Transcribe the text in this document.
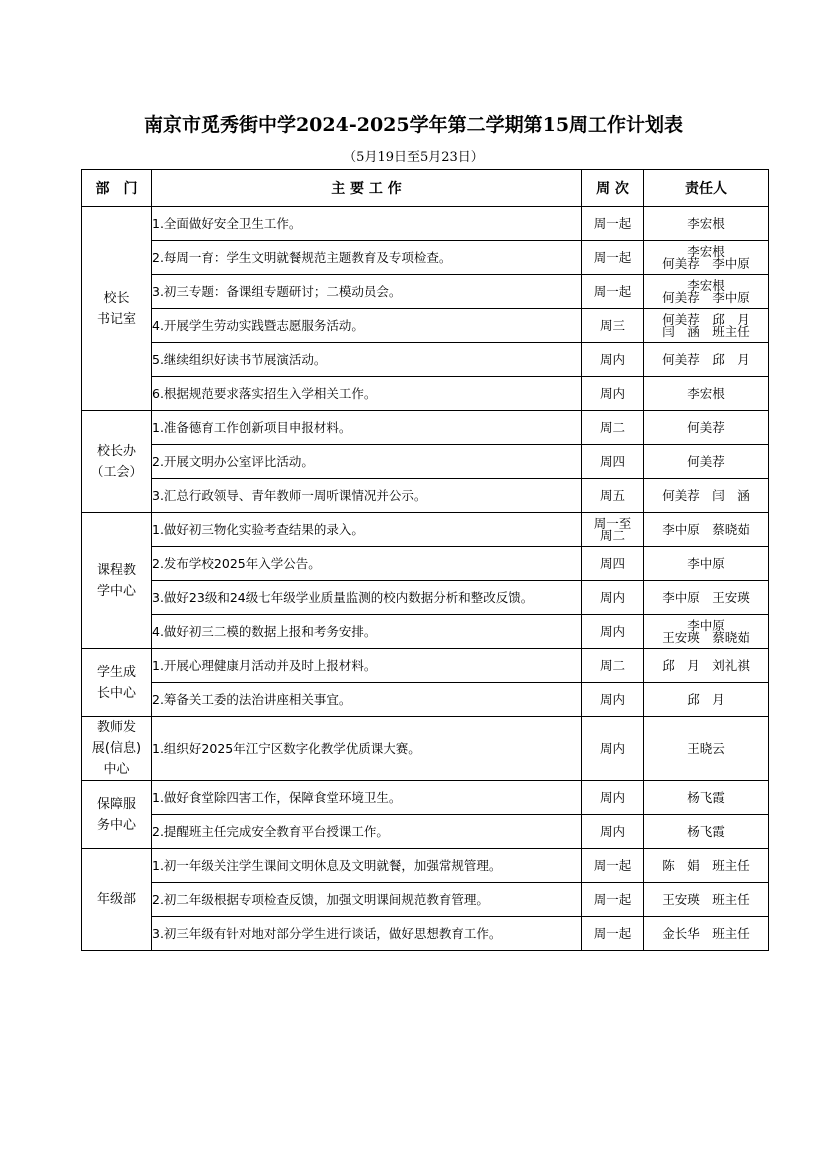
南京市觅秀街中学2024-2025学年第二学期第15周工作计划表
（5月19日至5月23日）
部　门	主 要 工 作	周 次	责任人

校长
书记室	1.全面做好安全卫生工作。	周一起	李宏根

	2.每周一育：学生文明就餐规范主题教育及专项检查。	周一起	李宏根
何美荐　李中原

	3.初三专题：备课组专题研讨；二模动员会。	周一起	李宏根
何美荐　李中原

	4.开展学生劳动实践暨志愿服务活动。	周三	何美荐　邱　月
闫　涵　班主任

	5.继续组织好读书节展演活动。	周内	何美荐　邱　月

	6.根据规范要求落实招生入学相关工作。	周内	李宏根

校长办
（工会）	1.准备德育工作创新项目申报材料。	周二	何美荐

	2.开展文明办公室评比活动。	周四	何美荐

	3.汇总行政领导、青年教师一周听课情况并公示。	周五	何美荐　闫　涵

课程教
学中心	1.做好初三物化实验考查结果的录入。	周一至
周二	李中原　蔡晓茹

	2.发布学校2025年入学公告。	周四	李中原

	3.做好23级和24级七年级学业质量监测的校内数据分析和整改反馈。	周内	李中原　王安瑛

	4.做好初三二模的数据上报和考务安排。	周内	李中原
王安瑛　蔡晓茹

学生成
长中心	1.开展心理健康月活动并及时上报材料。	周二	邱　月　刘礼祺

	2.筹备关工委的法治讲座相关事宜。	周内	邱　月

教师发
展(信息)
中心	1.组织好2025年江宁区数字化教学优质课大赛。	周内	王晓云

保障服
务中心	1.做好食堂除四害工作，保障食堂环境卫生。	周内	杨飞霞

	2.提醒班主任完成安全教育平台授课工作。	周内	杨飞霞

年级部	1.初一年级关注学生课间文明休息及文明就餐，加强常规管理。	周一起	陈　娟　班主任

	2.初二年级根据专项检查反馈，加强文明课间规范教育管理。	周一起	王安瑛　班主任

	3.初三年级有针对地对部分学生进行谈话，做好思想教育工作。	周一起	金长华　班主任
